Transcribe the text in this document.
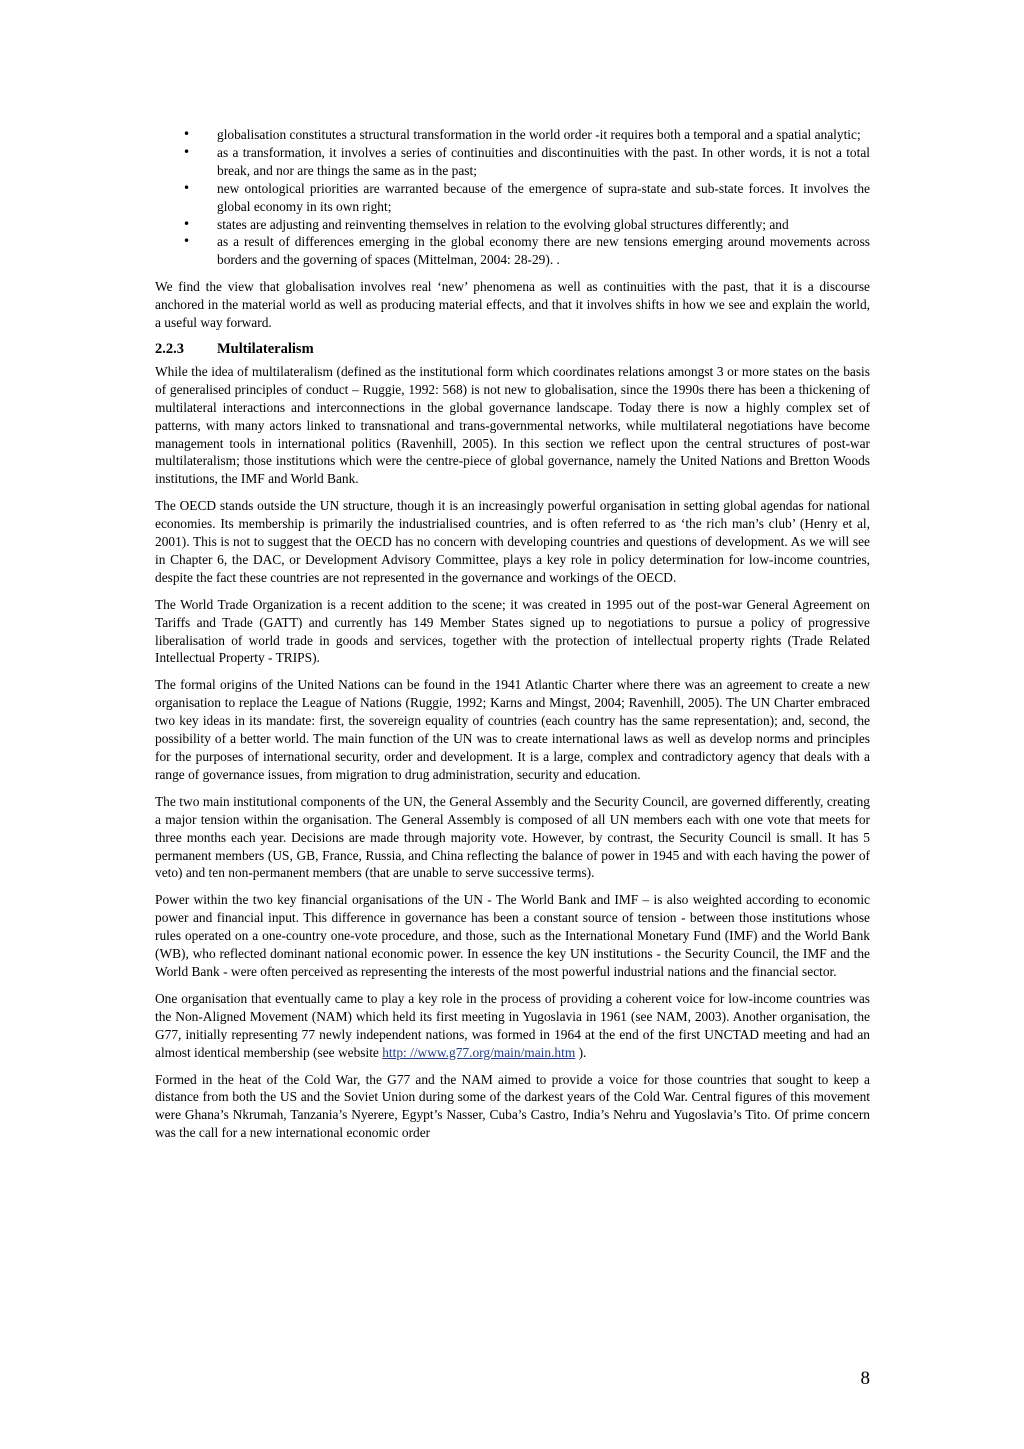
• globalisation constitutes a structural transformation in the world order -it requires both a temporal and a spatial analytic;
• as a transformation, it involves a series of continuities and discontinuities with the past. In other words, it is not a total break, and nor are things the same as in the past;
• new ontological priorities are warranted because of the emergence of supra-state and sub-state forces. It involves the global economy in its own right;
• states are adjusting and reinventing themselves in relation to the evolving global structures differently; and
• as a result of differences emerging in the global economy there are new tensions emerging around movements across borders and the governing of spaces (Mittelman, 2004: 28-29). .

We find the view that globalisation involves real ‘new’ phenomena as well as continuities with the past, that it is a discourse anchored in the material world as well as producing material effects, and that it involves shifts in how we see and explain the world, a useful way forward.

2.2.3 Multilateralism

While the idea of multilateralism (defined as the institutional form which coordinates relations amongst 3 or more states on the basis of generalised principles of conduct – Ruggie, 1992: 568) is not new to globalisation, since the 1990s there has been a thickening of multilateral interactions and interconnections in the global governance landscape. Today there is now a highly complex set of patterns, with many actors linked to transnational and trans-governmental networks, while multilateral negotiations have become management tools in international politics (Ravenhill, 2005). In this section we reflect upon the central structures of post-war multilateralism; those institutions which were the centre-piece of global governance, namely the United Nations and Bretton Woods institutions, the IMF and World Bank.

The OECD stands outside the UN structure, though it is an increasingly powerful organisation in setting global agendas for national economies. Its membership is primarily the industrialised countries, and is often referred to as ‘the rich man’s club’ (Henry et al, 2001). This is not to suggest that the OECD has no concern with developing countries and questions of development. As we will see in Chapter 6, the DAC, or Development Advisory Committee, plays a key role in policy determination for low-income countries, despite the fact these countries are not represented in the governance and workings of the OECD.

The World Trade Organization is a recent addition to the scene; it was created in 1995 out of the post-war General Agreement on Tariffs and Trade (GATT) and currently has 149 Member States signed up to negotiations to pursue a policy of progressive liberalisation of world trade in goods and services, together with the protection of intellectual property rights (Trade Related Intellectual Property - TRIPS).

The formal origins of the United Nations can be found in the 1941 Atlantic Charter where there was an agreement to create a new organisation to replace the League of Nations (Ruggie, 1992; Karns and Mingst, 2004; Ravenhill, 2005). The UN Charter embraced two key ideas in its mandate: first, the sovereign equality of countries (each country has the same representation); and, second, the possibility of a better world. The main function of the UN was to create international laws as well as develop norms and principles for the purposes of international security, order and development. It is a large, complex and contradictory agency that deals with a range of governance issues, from migration to drug administration, security and education.

The two main institutional components of the UN, the General Assembly and the Security Council, are governed differently, creating a major tension within the organisation. The General Assembly is composed of all UN members each with one vote that meets for three months each year. Decisions are made through majority vote. However, by contrast, the Security Council is small. It has 5 permanent members (US, GB, France, Russia, and China reflecting the balance of power in 1945 and with each having the power of veto) and ten non-permanent members (that are unable to serve successive terms).

Power within the two key financial organisations of the UN - The World Bank and IMF – is also weighted according to economic power and financial input. This difference in governance has been a constant source of tension - between those institutions whose rules operated on a one-country one-vote procedure, and those, such as the International Monetary Fund (IMF) and the World Bank (WB), who reflected dominant national economic power. In essence the key UN institutions - the Security Council, the IMF and the World Bank - were often perceived as representing the interests of the most powerful industrial nations and the financial sector.

One organisation that eventually came to play a key role in the process of providing a coherent voice for low-income countries was the Non-Aligned Movement (NAM) which held its first meeting in Yugoslavia in 1961 (see NAM, 2003). Another organisation, the G77, initially representing 77 newly independent nations, was formed in 1964 at the end of the first UNCTAD meeting and had an almost identical membership (see website http: //www.g77.org/main/main.htm ).

Formed in the heat of the Cold War, the G77 and the NAM aimed to provide a voice for those countries that sought to keep a distance from both the US and the Soviet Union during some of the darkest years of the Cold War. Central figures of this movement were Ghana’s Nkrumah, Tanzania’s Nyerere, Egypt’s Nasser, Cuba’s Castro, India’s Nehru and Yugoslavia’s Tito. Of prime concern was the call for a new international economic order

8
